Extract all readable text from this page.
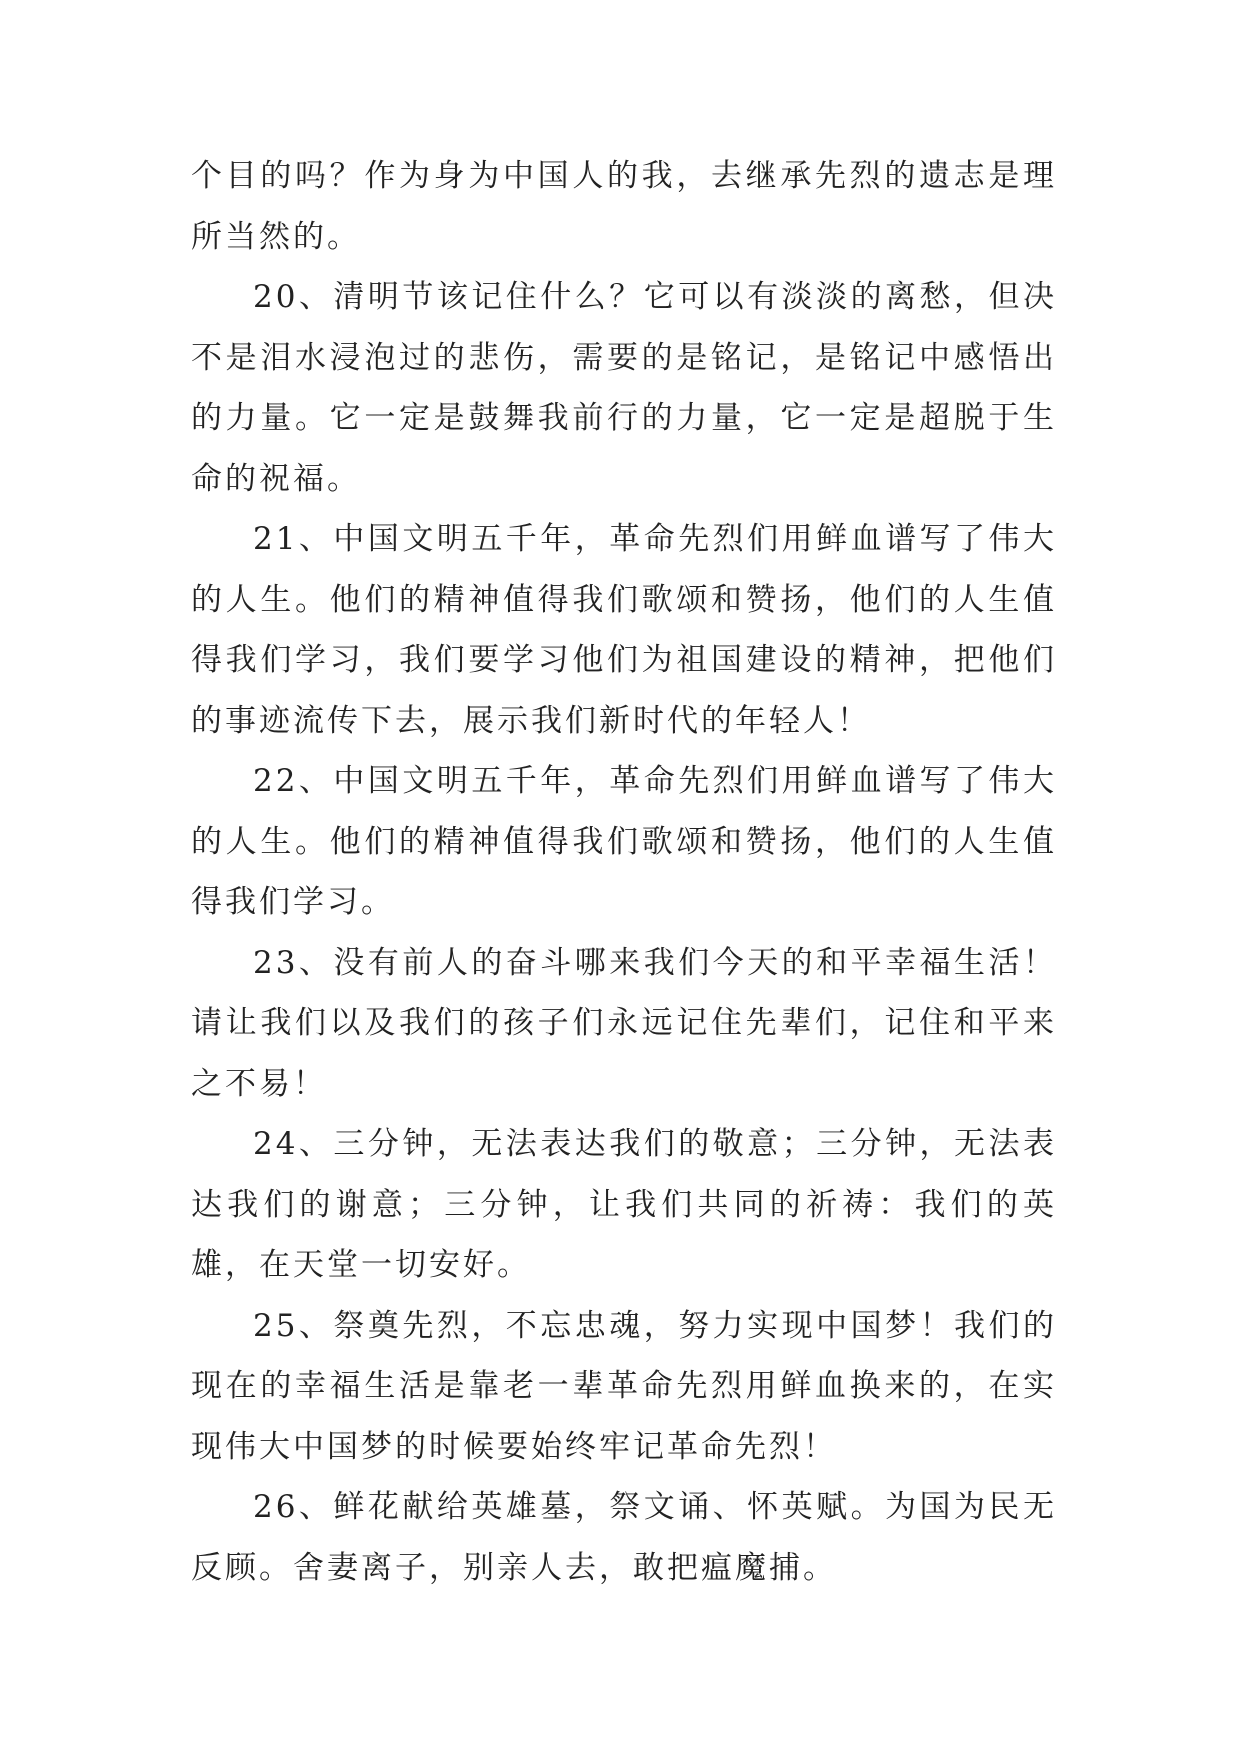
个目的吗？作为身为中国人的我，去继承先烈的遗志是理所当然的。

20、清明节该记住什么？它可以有淡淡的离愁，但决不是泪水浸泡过的悲伤，需要的是铭记，是铭记中感悟出的力量。它一定是鼓舞我前行的力量，它一定是超脱于生命的祝福。

21、中国文明五千年，革命先烈们用鲜血谱写了伟大的人生。他们的精神值得我们歌颂和赞扬，他们的人生值得我们学习，我们要学习他们为祖国建设的精神，把他们的事迹流传下去，展示我们新时代的年轻人！

22、中国文明五千年，革命先烈们用鲜血谱写了伟大的人生。他们的精神值得我们歌颂和赞扬，他们的人生值得我们学习。

23、没有前人的奋斗哪来我们今天的和平幸福生活！请让我们以及我们的孩子们永远记住先辈们，记住和平来之不易！

24、三分钟，无法表达我们的敬意；三分钟，无法表达我们的谢意；三分钟，让我们共同的祈祷：我们的英雄，在天堂一切安好。

25、祭奠先烈，不忘忠魂，努力实现中国梦！我们的现在的幸福生活是靠老一辈革命先烈用鲜血换来的，在实现伟大中国梦的时候要始终牢记革命先烈！

26、鲜花献给英雄墓，祭文诵、怀英赋。为国为民无反顾。舍妻离子，别亲人去，敢把瘟魔捕。
